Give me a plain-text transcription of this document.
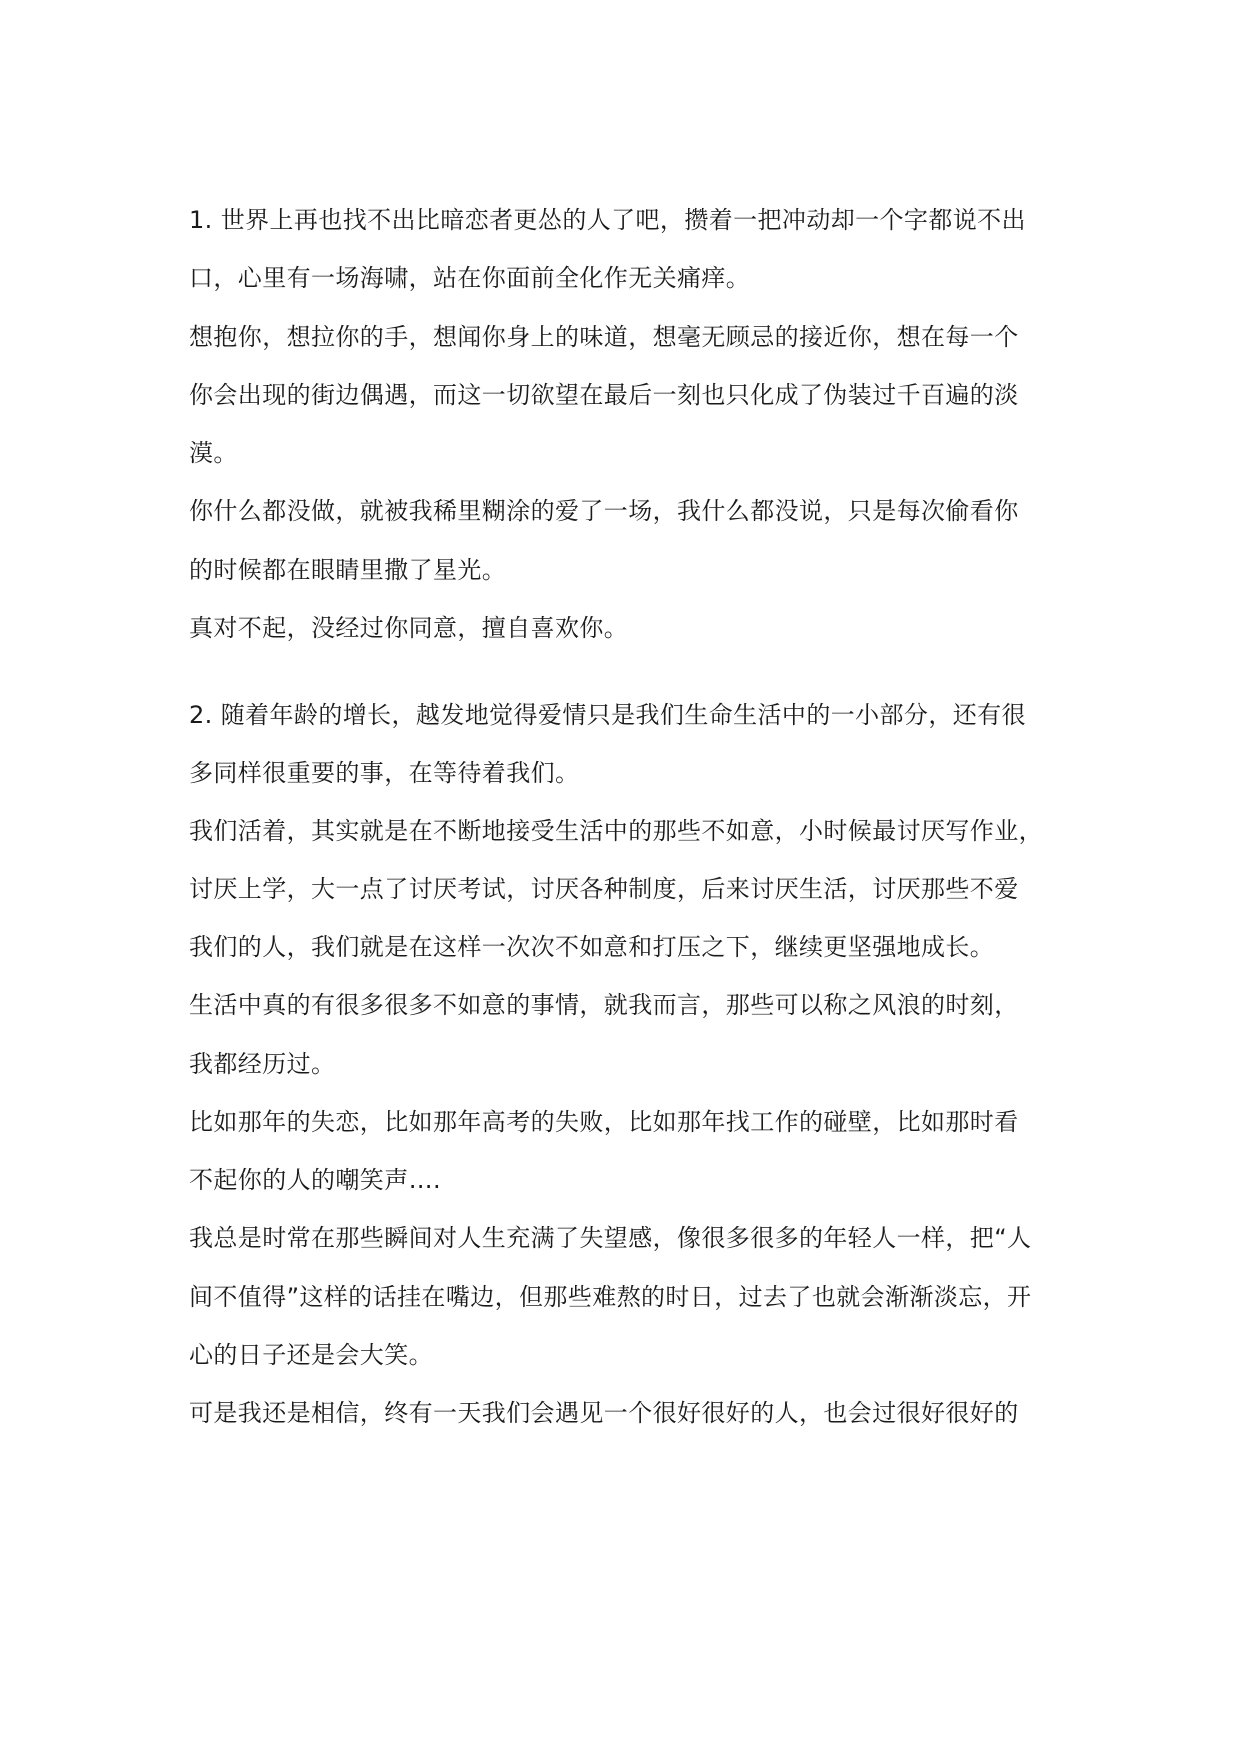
1. 世界上再也找不出比暗恋者更怂的人了吧，攒着一把冲动却一个字都说不出
口，心里有一场海啸，站在你面前全化作无关痛痒。
想抱你，想拉你的手，想闻你身上的味道，想毫无顾忌的接近你，想在每一个
你会出现的街边偶遇，而这一切欲望在最后一刻也只化成了伪装过千百遍的淡
漠。
你什么都没做，就被我稀里糊涂的爱了一场，我什么都没说，只是每次偷看你
的时候都在眼睛里撒了星光。
真对不起，没经过你同意，擅自喜欢你。
2. 随着年龄的增长，越发地觉得爱情只是我们生命生活中的一小部分，还有很
多同样很重要的事，在等待着我们。
我们活着，其实就是在不断地接受生活中的那些不如意，小时候最讨厌写作业，
讨厌上学，大一点了讨厌考试，讨厌各种制度，后来讨厌生活，讨厌那些不爱
我们的人，我们就是在这样一次次不如意和打压之下，继续更坚强地成长。
生活中真的有很多很多不如意的事情，就我而言，那些可以称之风浪的时刻，
我都经历过。
比如那年的失恋，比如那年高考的失败，比如那年找工作的碰壁，比如那时看
不起你的人的嘲笑声….
我总是时常在那些瞬间对人生充满了失望感，像很多很多的年轻人一样，把“人
间不值得”这样的话挂在嘴边，但那些难熬的时日，过去了也就会渐渐淡忘，开
心的日子还是会大笑。
可是我还是相信，终有一天我们会遇见一个很好很好的人，也会过很好很好的
